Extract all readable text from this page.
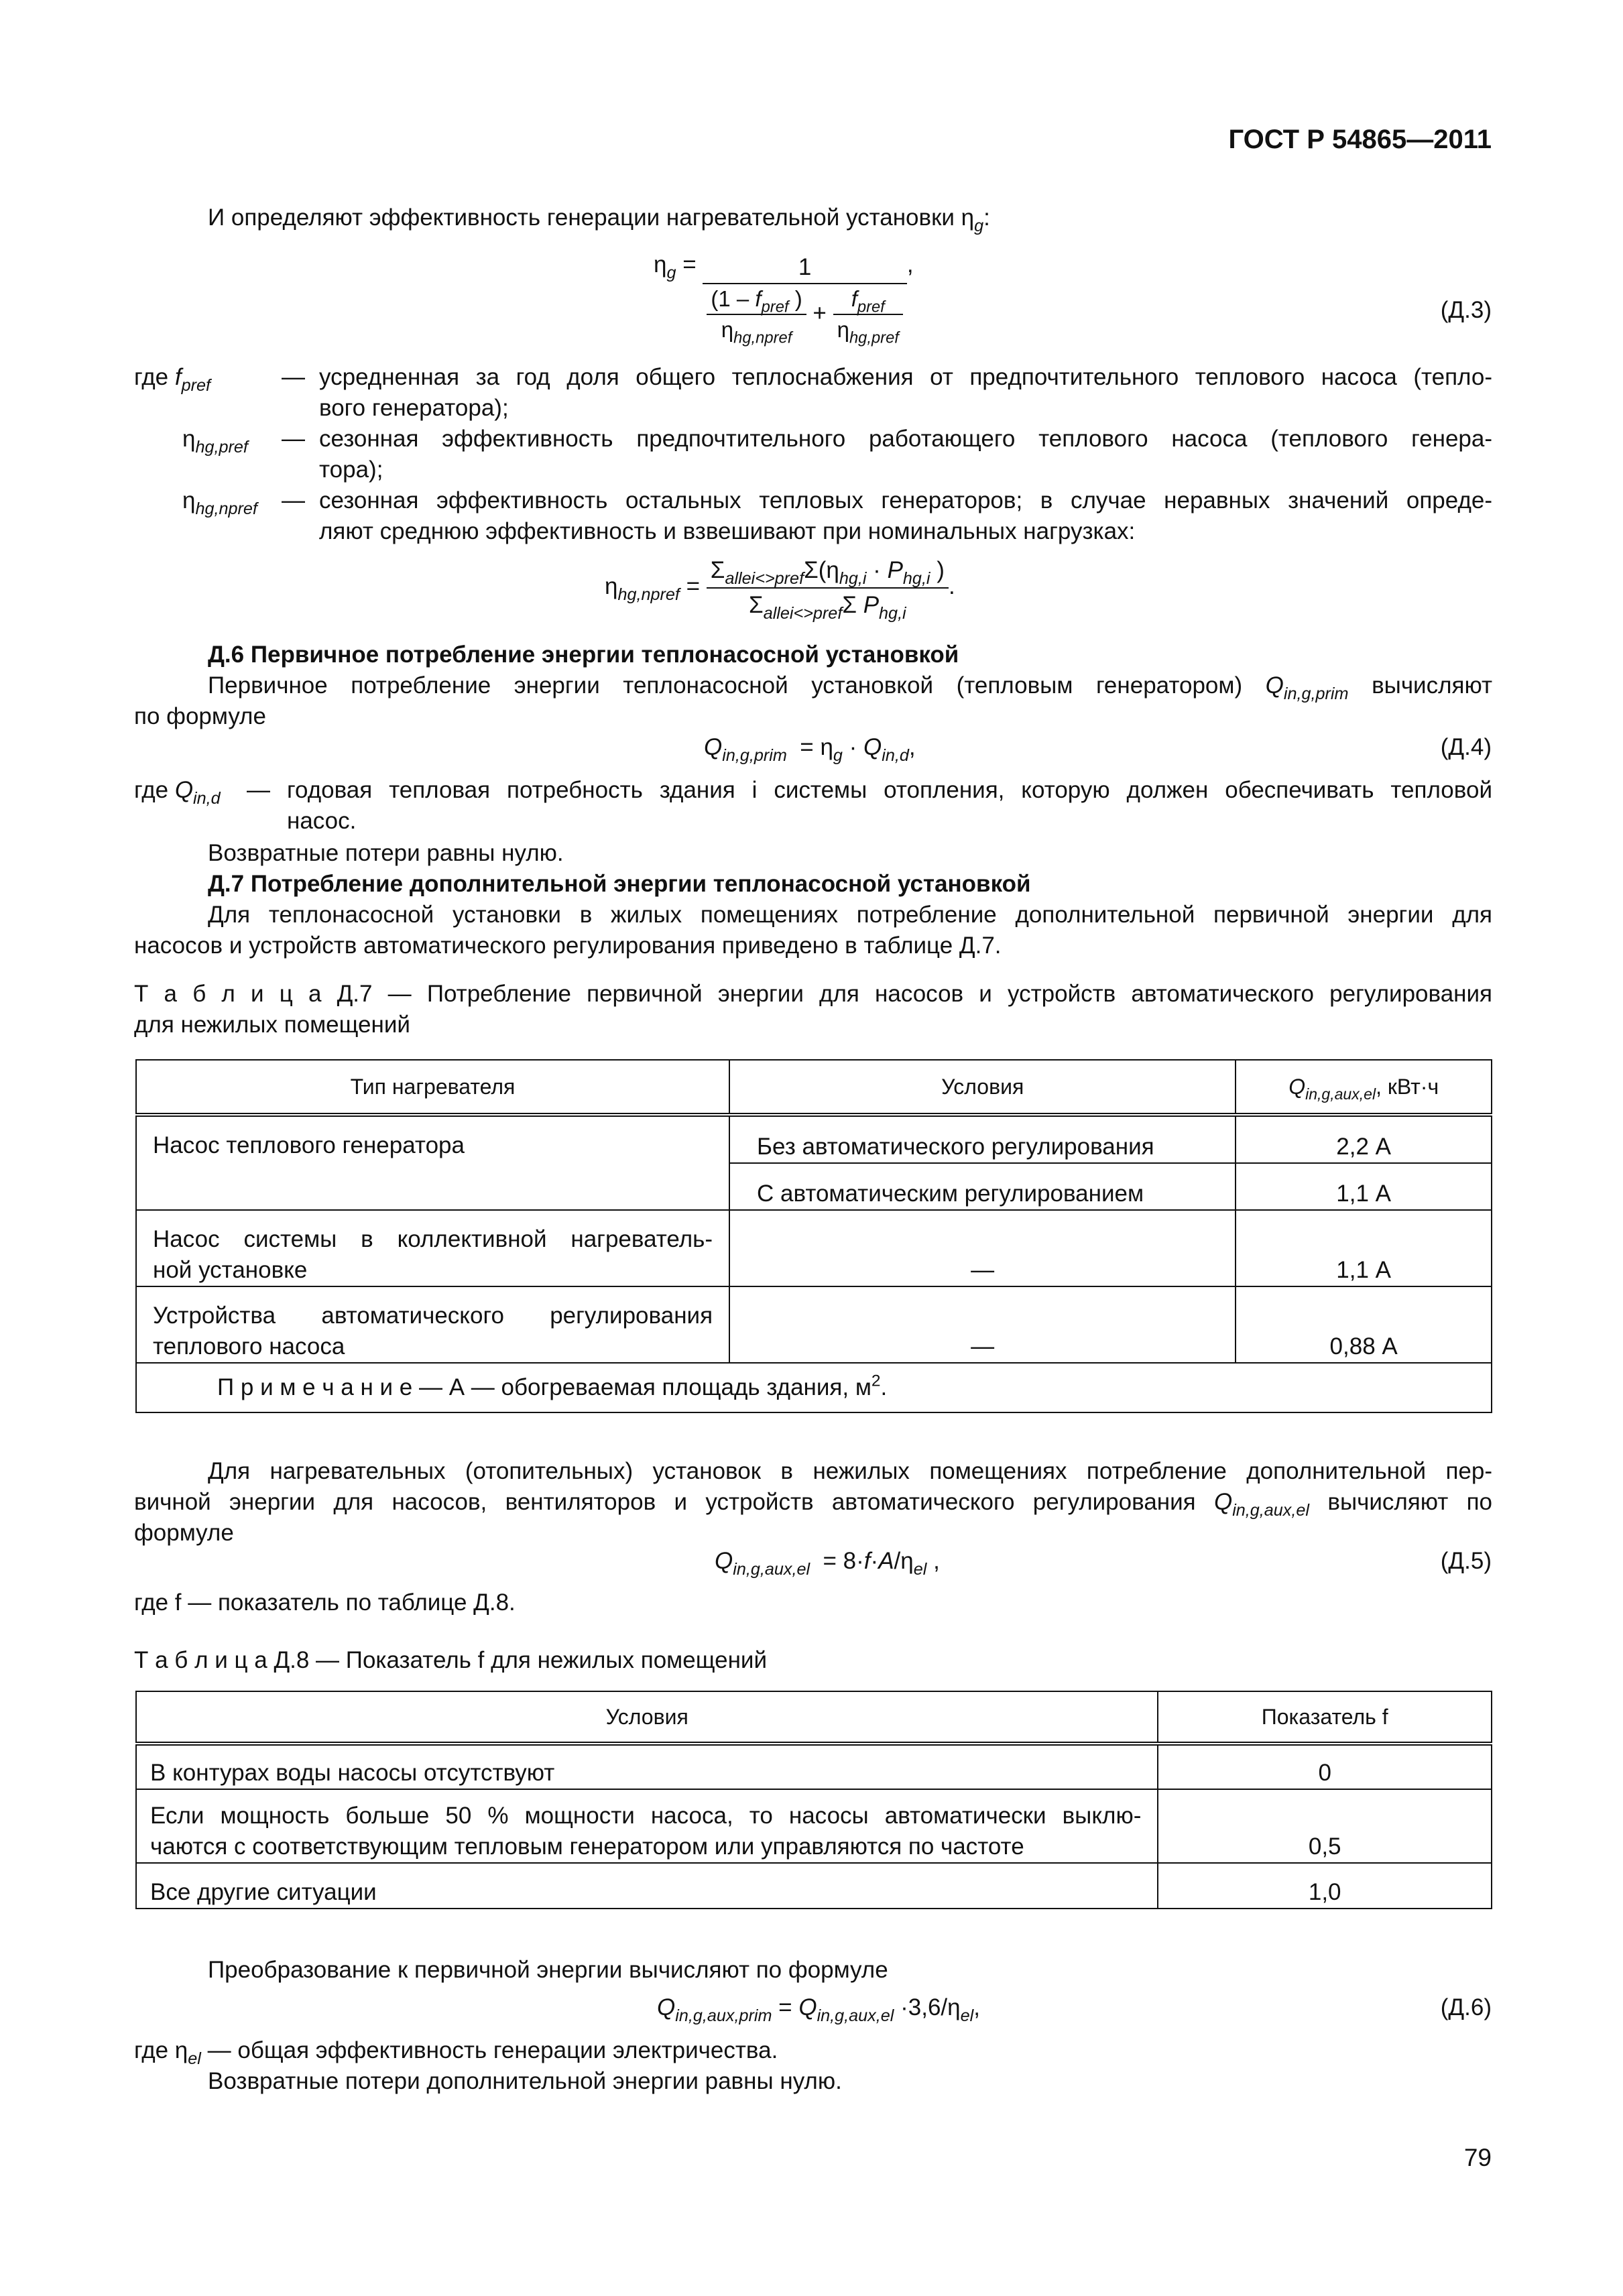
ГОСТ Р 54865—2011
И определяют эффективность генерации нагревательной установки $\eta_g$:
$\eta_g = \frac{1}{\frac{(1 - f_{pref} )}{\eta_{hg,npref}} + \frac{f_{pref}}{\eta_{hg,pref}}}$ ,
(Д.3)
где $f_{pref}$	— усредненная за год доля общего теплоснабжения от предпочтительного теплового насоса (тепло-
вого генератора);
$\eta_{hg,pref}$ — сезонная эффективность предпочтительного работающего теплового насоса (теплового генера-
тора);
$\eta_{hg,npref}$ — сезонная эффективность остальных тепловых генераторов; в случае неравных значений опреде-
ляют среднюю эффективность и взвешивают при номинальных нагрузках:
$\eta_{hg,npref} = \frac{\Sigma_{allei<>pref}\Sigma(\eta_{hg,i} \cdot P_{hg,i} )}{\Sigma_{allei<>pref}\Sigma P_{hg,i}}$ .
Д.6 Первичное потребление энергии теплонасосной установкой
Первичное потребление энергии теплонасосной установкой (тепловым генератором) $Q_{in,g,prim}$ вычисляют
по формуле
$Q_{in,g,prim} = \eta_g \cdot Q_{in,d}$,	(Д.4)
где $Q_{in,d}$ — годовая тепловая потребность здания i системы отопления, которую должен обеспечивать тепловой
насос.
Возвратные потери равны нулю.
Д.7 Потребление дополнительной энергии теплонасосной установкой
Для теплонасосной установки в жилых помещениях потребление дополнительной первичной энергии для
насосов и устройств автоматического регулирования приведено в таблице Д.7.
Т а б л и ц а Д.7 — Потребление первичной энергии для насосов и устройств автоматического регулирования
для нежилых помещений
Тип нагревателя	Условия	$Q_{in,g,aux,el}$, кВт·ч
Насос теплового генератора	Без автоматического регулирования	2,2 А
	С автоматическим регулированием	1,1 А

Насос системы в коллективной нагреватель-
ной установке	—	1,1 А

Устройства автоматического регулирования
теплового насоса	—	0,88 А
П р и м е ч а н и е — А — обогреваемая площадь здания, $м^2$.		
Для нагревательных (отопительных) установок в нежилых помещениях потребление дополнительной пер-
вичной энергии для насосов, вентиляторов и устройств автоматического регулирования $Q_{in,g,aux,el}$ вычисляют по
формуле
$Q_{in,g,aux,el} = 8\cdot f\cdot A/\eta_{el}$ ,	(Д.5)
где f — показатель по таблице Д.8.
Т а б л и ц а Д.8 — Показатель f для нежилых помещений
Условия	Показатель f
В контурах воды насосы отсутствуют	0

Если мощность больше 50 % мощности насоса, то насосы автоматически выклю-
чаются с соответствующим тепловым генератором или управляются по частоте	0,5
Все другие ситуации	1,0
Преобразование к первичной энергии вычисляют по формуле
$Q_{in,g,aux,prim} = Q_{in,g,aux,el} \cdot 3,6/\eta_{el}$,	(Д.6)
где $\eta_{el}$ — общая эффективность генерации электричества.
Возвратные потери дополнительной энергии равны нулю.
79
